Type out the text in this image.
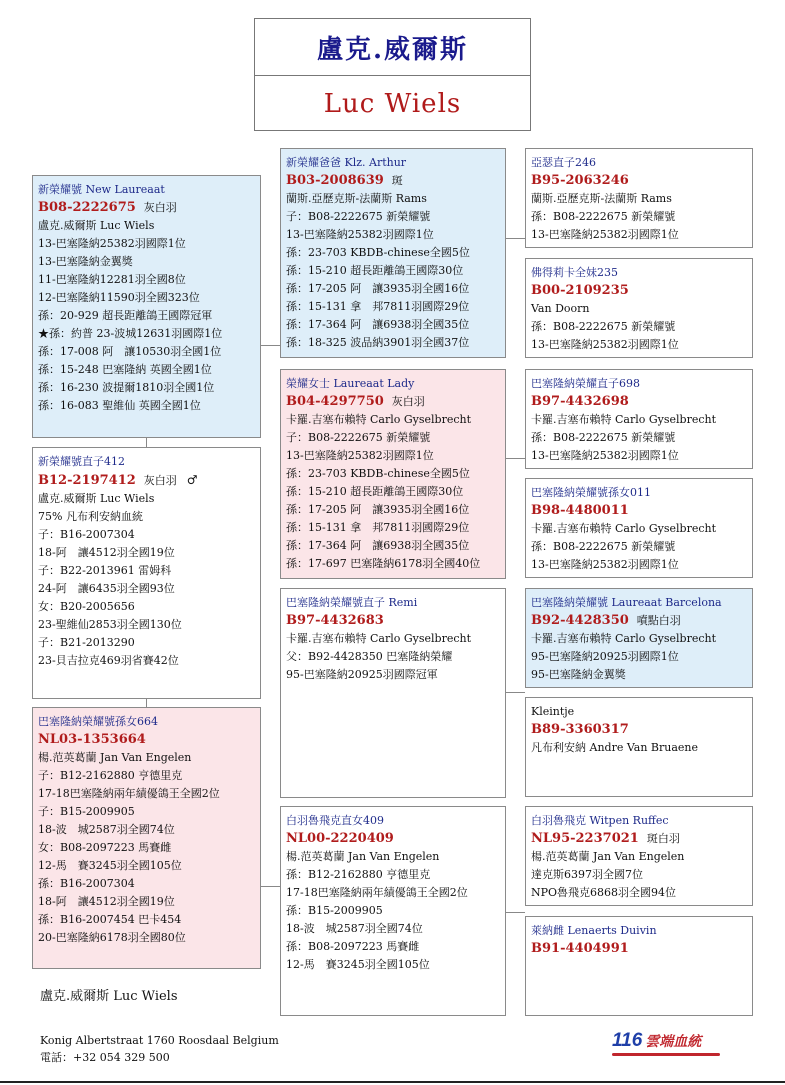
盧克.威爾斯
Luc Wiels
新榮耀號 New Laureaat
B08-2222675 灰白羽
盧克.威爾斯 Luc Wiels
13-巴塞隆納25382羽國際1位
13-巴塞隆納金翼獎
11-巴塞隆納12281羽全國8位
12-巴塞隆納11590羽全國323位
孫：20-929 超長距離鴿王國際冠軍
★孫：約普 23-波城12631羽國際1位
孫：17-008 阿　讓10530羽全國1位
孫：15-248 巴塞隆納 英國全國1位
孫：16-230 波提爾1810羽全國1位
孫：16-083 聖維仙 英國全國1位
新榮耀號直子412
B12-2197412 灰白羽 ♂
盧克.威爾斯 Luc Wiels
75% 凡布利安納血統
子：B16-2007304
18-阿　讓4512羽全國19位
子：B22-2013961 雷姆科
24-阿　讓6435羽全國93位
女：B20-2005656
23-聖維仙2853羽全國130位
子：B21-2013290
23-貝吉拉克469羽省賽42位
巴塞隆納榮耀號孫女664
NL03-1353664
楊.范英葛蘭 Jan Van Engelen
子：B12-2162880 亨德里克
17-18巴塞隆納兩年績優鴿王全國2位
子：B15-2009905
18-波　城2587羽全國74位
女：B08-2097223 馬賽雌
12-馬　賽3245羽全國105位
孫：B16-2007304
18-阿　讓4512羽全國19位
孫：B16-2007454 巴卡454
20-巴塞隆納6178羽全國80位
新榮耀爸爸 Klz. Arthur
B03-2008639 斑
蘭斯.亞歷克斯-法蘭斯 Rams
子：B08-2222675 新榮耀號
13-巴塞隆納25382羽國際1位
孫：23-703 KBDB-chinese全國5位
孫：15-210 超長距離鴿王國際30位
孫：17-205 阿　讓3935羽全國16位
孫：15-131 拿　邦7811羽國際29位
孫：17-364 阿　讓6938羽全國35位
孫：18-325 波品納3901羽全國37位
榮耀女士 Laureaat Lady
B04-4297750 灰白羽
卡羅.吉塞布賴特 Carlo Gyselbrecht
子：B08-2222675 新榮耀號
13-巴塞隆納25382羽國際1位
孫：23-703 KBDB-chinese全國5位
孫：15-210 超長距離鴿王國際30位
孫：17-205 阿　讓3935羽全國16位
孫：15-131 拿　邦7811羽國際29位
孫：17-364 阿　讓6938羽全國35位
孫：17-697 巴塞隆納6178羽全國40位
巴塞隆納榮耀號直子 Remi
B97-4432683
卡羅.吉塞布賴特 Carlo Gyselbrecht
父：B92-4428350 巴塞隆納榮耀
95-巴塞隆納20925羽國際冠軍
白羽魯飛克直女409
NL00-2220409
楊.范英葛蘭 Jan Van Engelen
孫：B12-2162880 亨德里克
17-18巴塞隆納兩年績優鴿王全國2位
孫：B15-2009905
18-波　城2587羽全國74位
孫：B08-2097223 馬賽雌
12-馬　賽3245羽全國105位
亞瑟直子246
B95-2063246
蘭斯.亞歷克斯-法蘭斯 Rams
孫：B08-2222675 新榮耀號
13-巴塞隆納25382羽國際1位
佛得莉卡全妹235
B00-2109235
Van Doorn
孫：B08-2222675 新榮耀號
13-巴塞隆納25382羽國際1位
巴塞隆納榮耀直子698
B97-4432698
卡羅.吉塞布賴特 Carlo Gyselbrecht
孫：B08-2222675 新榮耀號
13-巴塞隆納25382羽國際1位
巴塞隆納榮耀號孫女011
B98-4480011
卡羅.吉塞布賴特 Carlo Gyselbrecht
孫：B08-2222675 新榮耀號
13-巴塞隆納25382羽國際1位
巴塞隆納榮耀號 Laureaat Barcelona
B92-4428350 噴點白羽
卡羅.吉塞布賴特 Carlo Gyselbrecht
95-巴塞隆納20925羽國際1位
95-巴塞隆納金翼獎
Kleintje
B89-3360317
凡布利安納 Andre Van Bruaene
白羽魯飛克 Witpen Ruffec
NL95-2237021 斑白羽
楊.范英葛蘭 Jan Van Engelen
達克斯6397羽全國7位
NPO魯飛克6868羽全國94位
萊納雌 Lenaerts Duivin
B91-4404991
盧克.威爾斯 Luc Wiels
Konig Albertstraat 1760 Roosdaal Belgium
電話：+32 054 329 500
116 雲端血統
